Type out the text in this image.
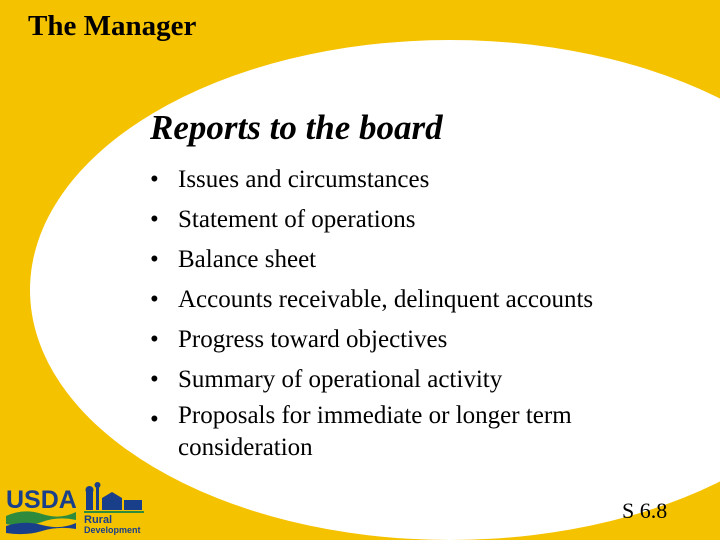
The Manager
Reports to the board
• Issues and circumstances
• Statement of operations
• Balance sheet
• Accounts receivable, delinquent accounts
• Progress toward objectives
• Summary of operational activity
• Proposals for immediate or longer term
consideration
USDA
Rural
Development
S 6.8
